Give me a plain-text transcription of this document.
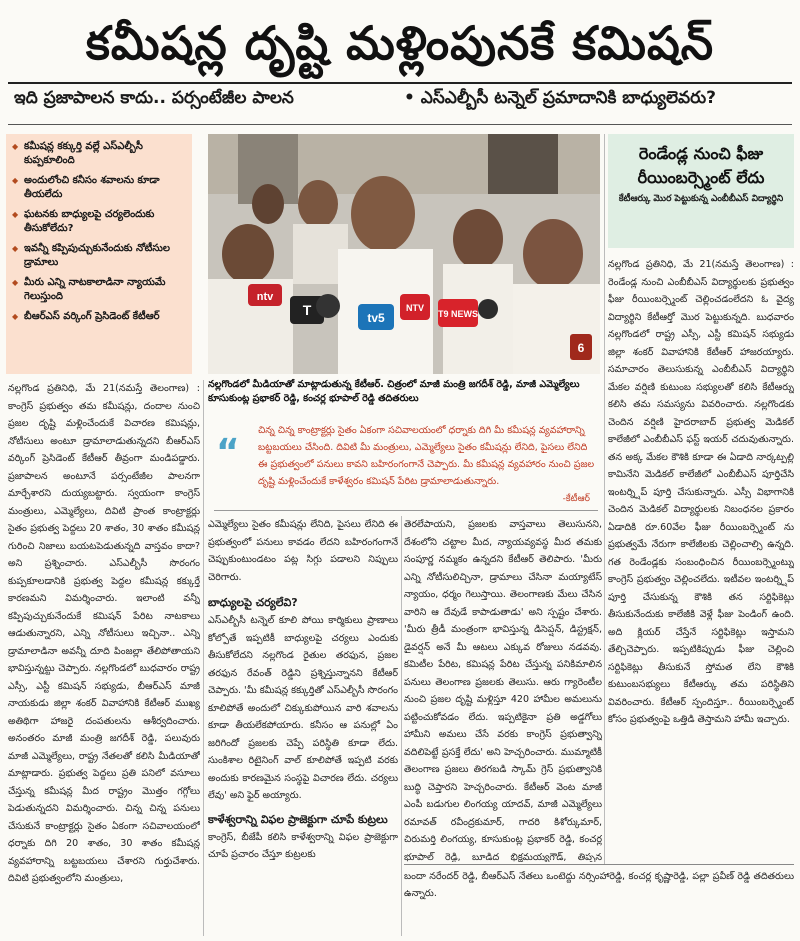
కమీషన్ల దృష్టి మళ్లింపునకే కమిషన్
ఇది ప్రజాపాలన కాదు.. పర్సంటేజీల పాలన	• ఎస్ఎల్బీసీ టన్నెల్ ప్రమాదానికి బాధ్యులెవరు?
◆ కమీషన్ల కక్కుర్తి వల్లే ఎస్ఎల్బీసీ కుప్పకూలింది
◆ అందులోంచి కనీసం శవాలను కూడా తీయలేదు
◆ ఘటనకు బాధ్యులపై చర్యలెందుకు తీసుకోలేదు?
◆ ఇవన్నీ కప్పిపుచ్చుకునేందుకు నోటీసుల డ్రామాలు
◆ మీరు ఎన్ని నాటకాలాడినా న్యాయమే గెలుస్తుంది
◆ బీఆర్ఎస్ వర్కింగ్ ప్రెసిడెంట్ కేటీఆర్
ntv
T	tv5
NTV
T9 NEWS
6
నల్లగొండలో మీడియాతో మాట్లాడుతున్న కేటీఆర్. చిత్రంలో మాజీ మంత్రి జగదీశ్ రెడ్డి, మాజీ ఎమ్మెల్యేలు కూసుకుంట్ల ప్రభాకర్ రెడ్డి, కంచర్ల భూపాల్ రెడ్డి తదితరులు
రెండేండ్ల నుంచి ఫీజు రీయింబర్స్మెంట్ లేదు
కేటీఆర్కు మొర పెట్టుకున్న ఎంబీబీఎస్ విద్యార్థిని

నల్లగొండ ప్రతినిధి, మే 21(నమస్తే తెలంగాణ) : కాంగ్రెస్ ప్రభుత్వం తమ కమీషన్లు, దందాల నుంచి ప్రజల దృష్టి మళ్లించేందుకే విచారణ కమిషన్లు, నోటీసులు అంటూ డ్రామాలాడుతున్నదని బీఆర్ఎస్ వర్కింగ్ ప్రెసిడెంట్ కేటీఆర్ తీవ్రంగా మండిపడ్డారు. ప్రజాపాలన అంటూనే పర్సంటేజీల పాలనగా మార్చేశారని దుయ్యబట్టారు. స్వయంగా కాంగ్రెస్ మంత్రులు, ఎమ్మెల్యేలు, దివిటి ప్రాంత కాంట్రాక్టర్లు సైతం ప్రభుత్వ పెద్దలు 20 శాతం, 30 శాతం కమీషన్ల గురించి నిజాలు బయటపెడుతున్నది వాస్తవం కాదా? అని ప్రశ్నించారు. ఎస్ఎల్బీసీ సొరంగం కుప్పకూలడానికి ప్రభుత్వ పెద్దల కమీషన్ల కక్కుర్తే కారణమని విమర్శించారు. ఇలాంటి వన్నీ కప్పిపుచ్చుకునేందుకే కమిషన్ పేరిట నాటకాలు ఆడుతున్నారని, ఎన్ని నోటీసులు ఇచ్చినా.. ఎన్ని డ్రామాలాడినా అవన్నీ దూది పింజల్లా తేలిపోతాయని భావిస్తున్నట్టు చెప్పారు. నల్లగొండలో బుధవారం రాష్ట్ర ఎస్సీ, ఎస్టీ కమిషన్ సభ్యుడు, బీఆర్ఎస్ మాజీ నాయకుడు జిల్లా శంకర్ వివాహానికి కేటీఆర్ ముఖ్య అతిథిగా హాజరై దంపతులను ఆశీర్వదించారు. అనంతరం మాజీ మంత్రి జగదీశ్ రెడ్డి, పలువురు మాజీ ఎమ్మెల్యేలు, రాష్ట్ర నేతలతో కలిసి మీడియాతో మాట్లాడారు. ప్రభుత్వ పెద్దలు ప్రతి పనిలో వసూలు చేస్తున్న కమీషన్ల మీద రాష్ట్రం మొత్తం గగ్గోలు పెడుతున్నదని విమర్శించారు. చిన్న చిన్న పనులు చేసుకునే కాంట్రాక్టర్లు సైతం ఏకంగా సచివాలయంలో ధర్నాకు దిగి 20 శాతం, 30 శాతం కమీషన్ల వ్యవహారాన్ని బట్టబయలు చేశారని గుర్తుచేశారు. దివిటి ప్రభుత్వంలోని మంత్రులు,

-కేటీఆర్
“
చిన్న చిన్న కాంట్రాక్టర్లు సైతం ఏకంగా సచివాలయంలో ధర్నాకు దిగి మీ కమీషన్ల వ్యవహారాన్ని బట్టబయలు చేసింది. దివిటి మీ మంత్రులు, ఎమ్మెల్యేలు సైతం కమీషన్లు లేనిది, పైసలు లేనిది ఈ ప్రభుత్వంలో పనులు కావని బహిరంగంగానే చెప్పారు. మీ కమీషన్ల వ్యవహారం నుంచి ప్రజల దృష్టి మళ్లించేందుకే కాళేశ్వరం కమిషన్ పేరిట డ్రామాలాడుతున్నారు.

ఎమ్మెల్యేలు సైతం కమీషన్లు లేనిది, పైసలు లేనిది ఈ ప్రభుత్వంలో పనులు కావడం లేదని బహిరంగంగానే చెప్పుకుంటుండటం పట్ల సిగ్గు పడాలని నిప్పులు చెరిగారు.

బాధ్యులపై చర్యలేవి?

ఎస్ఎల్బీసీ టన్నెల్ కూలి పోయి కార్మికులు ప్రాణాలు కోల్పోతే ఇప్పటికీ బాధ్యులపై చర్యలు ఎందుకు తీసుకోలేదని నల్లగొండ రైతుల తరఫున, ప్రజల తరఫున రేవంత్ రెడ్డిని ప్రశ్నిస్తున్నానని కేటీఆర్ చెప్పారు. 'మీ కమీషన్ల కక్కుర్తితో ఎస్ఎల్బీసీ సొరంగం కూలిపోతే అందులో చిక్కుకుపోయిన వారి శవాలను కూడా తీయలేకపోయారు. కనీసం ఆ పనుల్లో ఏం జరిగిందో ప్రజలకు చెప్పే పరిస్థితి కూడా లేదు. సుంకిశాల రిటైనింగ్ వాల్ కూలిపోతే ఇప్పటి వరకు అందుకు కారణమైన సంస్థపై విచారణ లేదు. చర్యలు లేవు' అని ఫైర్ అయ్యారు.

కాళేశ్వరాన్ని విఫల ప్రాజెక్టుగా చూపే కుట్రలు

కాంగ్రెస్, బీజేపీ కలిసి కాళేశ్వరాన్ని విఫల ప్రాజెక్టుగా చూపే ప్రచారం చేస్తూ కుట్రలకు

తెరలేపాయని, ప్రజలకు వాస్తవాలు తెలుసునని, దేశంలోని చట్టాల మీద, న్యాయవ్యవస్థ మీద తమకు సంపూర్ణ నమ్మకం ఉన్నదని కేటీఆర్ తెలిపారు. 'మీరు ఎన్ని నోటీసులిచ్చినా, డ్రామాలు చేసినా మయ్యాటేస్ న్యాయం, ధర్మం గెలుస్తాయి. తెలంగాణకు మేలు చేసిన వారిని ఆ దేవుడే కాపాడుతాడు' అని స్పష్టం చేశారు. 'మీరు త్రీడీ మంత్రంగా భావిస్తున్న డిసెప్షన్, డిస్ట్రక్షన్, డైవర్షన్ అనే మీ ఆటలు ఎక్కువ రోజులు నడవవు. కమిటీల పేరిట, కమిషన్ల పేరిట చేస్తున్న పనికిమాలిన పనులు తెలంగాణ ప్రజలకు తెలుసు. ఆరు గ్యారెంటీల నుంచి ప్రజల దృష్టి మళ్లిస్తూ 420 హామీల అమలును పట్టించుకోవడం లేదు. ఇప్పటికైనా ప్రతి అడ్డగోలు హామీని అమలు చేసే వరకు కాంగ్రెస్ ప్రభుత్వాన్ని వదిలిపెట్టే ప్రసక్తే లేదు' అని హెచ్చరించారు. ముమ్మాటికీ తెలంగాణ ప్రజలు తిరగబడి స్కామ్ గ్రెస్ ప్రభుత్వానికి బుద్ధి చెప్తారని హెచ్చరించారు. కేటీఆర్ వెంట మాజీ ఎంపీ బడుగుల లింగయ్య యాదవ్, మాజీ ఎమ్మెల్యేలు రమావత్ రవీంద్రకుమార్, గాదరి కిశోర్కుమార్, చిరుమర్తి లింగయ్య, కూసుకుంట్ల ప్రభాకర్ రెడ్డి, కంచర్ల భూపాల్ రెడ్డి, బూడిద భిక్షమయ్యగౌడ్, తిప్పన

నల్లగొండ ప్రతినిధి, మే 21(నమస్తే తెలంగాణ) : రెండేండ్ల నుంచి ఎంబీబీఎస్ విద్యార్థులకు ప్రభుత్వం ఫీజు రీయింబర్స్మెంట్ చెల్లించడంలేదని ఓ వైద్య విద్యార్థిని కేటీఆర్తో మొర పెట్టుకున్నది. బుధవారం నల్లగొండలో రాష్ట్ర ఎస్సీ, ఎస్టీ కమిషన్ సభ్యుడు జిల్లా శంకర్ వివాహానికి కేటీఆర్ హాజరయ్యారు. సమాచారం తెలుసుకున్న ఎంబీబీఎస్ విద్యార్థిని మేకల వర్షిణి కుటుంబ సభ్యులతో కలిసి కేటీఆర్ను కలిసి తమ సమస్యను వివరించారు. నల్లగొండకు చెందిన వర్షిణి హైదరాబాద్ ప్రభుత్వ మెడికల్ కాలేజీలో ఎంబీబీఎస్ ఫస్ట్ ఇయర్ చదువుతున్నారు. తన అక్క మేకల కౌశికి కూడా ఈ ఏడాది నార్కట్పల్లి కామినేని మెడికల్ కాలేజీలో ఎంబీబీఎస్ పూర్తిచేసి ఇంటర్న్షిప్ పూర్తి చేసుకున్నారు. ఎస్సీ విభాగానికి చెందిన మెడికల్ విద్యార్థులకు నిబంధనల ప్రకారం ఏడాదికి రూ.60వేల ఫీజు రీయింబర్స్మెంట్ ను ప్రభుత్వమే నేరుగా కాలేజీలకు చెల్లించాల్సి ఉన్నది. గత రెండేండ్లకు సంబంధించిన రీయింబర్స్మెంట్ను కాంగ్రెస్ ప్రభుత్వం చెల్లించలేదు. ఇటీవల ఇంటర్న్షిప్ పూర్తి చేసుకున్న కౌశికి తన సర్టిఫికెట్లు తీసుకునేందుకు కాలేజీకి వెళ్లే ఫీజు పెండింగ్ ఉంది. అది క్లియర్ చేస్తేనే సర్టిఫికెట్లు ఇస్తామని తేల్చిచెప్పారు. ఇప్పటికిప్పుడు ఫీజు చెల్లించి సర్టిఫికెట్లు తీసుకునే స్తోమత లేని కౌశికి కుటుంబసభ్యులు కేటీఆర్కు తమ పరిస్థితిని వివరించారు. కేటీఆర్ స్పందిస్తూ.. రీయింబర్స్మెంట్ కోసం ప్రభుత్వంపై ఒత్తిడి తెస్తామని హామీ ఇచ్చారు.

బందా నరేందర్ రెడ్డి, బీఆర్ఎస్ నేతలు ఒంటెద్దు నర్సింహారెడ్డి, కంచర్ల కృష్ణారెడ్డి, పల్లా ప్రవీణ్ రెడ్డి తదితరులు ఉన్నారు.
